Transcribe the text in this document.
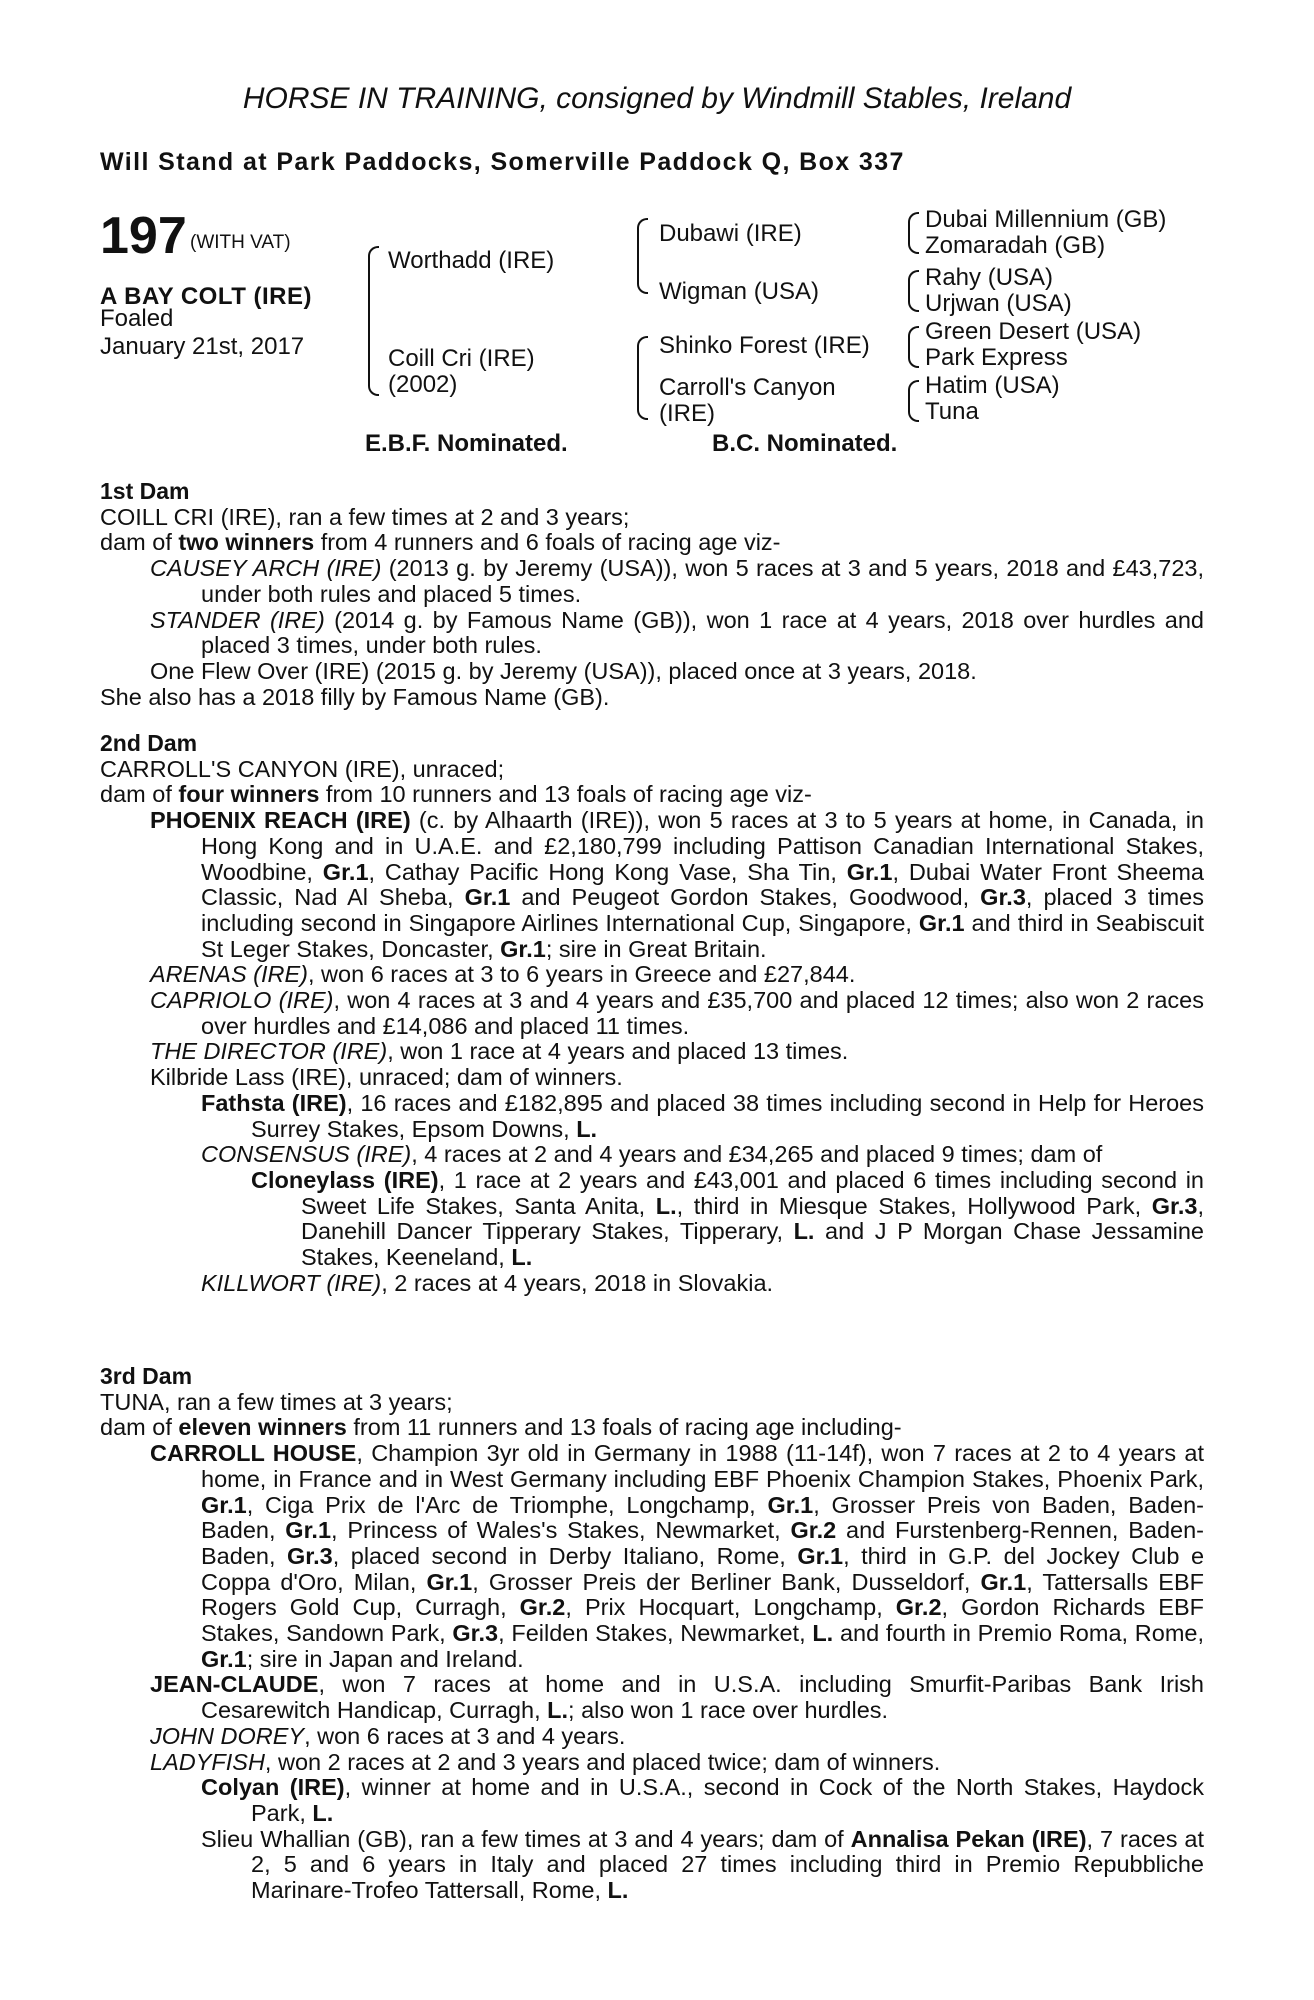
HORSE IN TRAINING, consigned by Windmill Stables, Ireland
Will Stand at Park Paddocks, Somerville Paddock Q, Box 337
197 (WITH VAT)
A BAY COLT (IRE)
Foaled
January 21st, 2017
Worthadd (IRE)
Coill Cri (IRE)
(2002)
Dubawi (IRE)
Wigman (USA)
Shinko Forest (IRE)
Carroll's Canyon
(IRE)
Dubai Millennium (GB)
Zomaradah (GB)
Rahy (USA)
Urjwan (USA)
Green Desert (USA)
Park Express
Hatim (USA)
Tuna
E.B.F. Nominated.	B.C. Nominated.
1st Dam
COILL CRI (IRE), ran a few times at 2 and 3 years;
dam of two winners from 4 runners and 6 foals of racing age viz-
CAUSEY ARCH (IRE) (2013 g. by Jeremy (USA)), won 5 races at 3 and 5 years, 2018 and £43,723, under both rules and placed 5 times.
STANDER (IRE) (2014 g. by Famous Name (GB)), won 1 race at 4 years, 2018 over hurdles and placed 3 times, under both rules.
One Flew Over (IRE) (2015 g. by Jeremy (USA)), placed once at 3 years, 2018.
She also has a 2018 filly by Famous Name (GB).
2nd Dam
CARROLL'S CANYON (IRE), unraced;
dam of four winners from 10 runners and 13 foals of racing age viz-
PHOENIX REACH (IRE) (c. by Alhaarth (IRE)), won 5 races at 3 to 5 years at home, in Canada, in Hong Kong and in U.A.E. and £2,180,799 including Pattison Canadian International Stakes, Woodbine, Gr.1, Cathay Pacific Hong Kong Vase, Sha Tin, Gr.1, Dubai Water Front Sheema Classic, Nad Al Sheba, Gr.1 and Peugeot Gordon Stakes, Goodwood, Gr.3, placed 3 times including second in Singapore Airlines International Cup, Singapore, Gr.1 and third in Seabiscuit St Leger Stakes, Doncaster, Gr.1; sire in Great Britain.
ARENAS (IRE), won 6 races at 3 to 6 years in Greece and £27,844.
CAPRIOLO (IRE), won 4 races at 3 and 4 years and £35,700 and placed 12 times; also won 2 races over hurdles and £14,086 and placed 11 times.
THE DIRECTOR (IRE), won 1 race at 4 years and placed 13 times.
Kilbride Lass (IRE), unraced; dam of winners.
Fathsta (IRE), 16 races and £182,895 and placed 38 times including second in Help for Heroes Surrey Stakes, Epsom Downs, L.
CONSENSUS (IRE), 4 races at 2 and 4 years and £34,265 and placed 9 times; dam of
Cloneylass (IRE), 1 race at 2 years and £43,001 and placed 6 times including second in Sweet Life Stakes, Santa Anita, L., third in Miesque Stakes, Hollywood Park, Gr.3, Danehill Dancer Tipperary Stakes, Tipperary, L. and J P Morgan Chase Jessamine Stakes, Keeneland, L.
KILLWORT (IRE), 2 races at 4 years, 2018 in Slovakia.
3rd Dam
TUNA, ran a few times at 3 years;
dam of eleven winners from 11 runners and 13 foals of racing age including-
CARROLL HOUSE, Champion 3yr old in Germany in 1988 (11-14f), won 7 races at 2 to 4 years at home, in France and in West Germany including EBF Phoenix Champion Stakes, Phoenix Park, Gr.1, Ciga Prix de l'Arc de Triomphe, Longchamp, Gr.1, Grosser Preis von Baden, Baden-Baden, Gr.1, Princess of Wales's Stakes, Newmarket, Gr.2 and Furstenberg-Rennen, Baden-Baden, Gr.3, placed second in Derby Italiano, Rome, Gr.1, third in G.P. del Jockey Club e Coppa d'Oro, Milan, Gr.1, Grosser Preis der Berliner Bank, Dusseldorf, Gr.1, Tattersalls EBF Rogers Gold Cup, Curragh, Gr.2, Prix Hocquart, Longchamp, Gr.2, Gordon Richards EBF Stakes, Sandown Park, Gr.3, Feilden Stakes, Newmarket, L. and fourth in Premio Roma, Rome, Gr.1; sire in Japan and Ireland.
JEAN-CLAUDE, won 7 races at home and in U.S.A. including Smurfit-Paribas Bank Irish Cesarewitch Handicap, Curragh, L.; also won 1 race over hurdles.
JOHN DOREY, won 6 races at 3 and 4 years.
LADYFISH, won 2 races at 2 and 3 years and placed twice; dam of winners.
Colyan (IRE), winner at home and in U.S.A., second in Cock of the North Stakes, Haydock Park, L.
Slieu Whallian (GB), ran a few times at 3 and 4 years; dam of Annalisa Pekan (IRE), 7 races at 2, 5 and 6 years in Italy and placed 27 times including third in Premio Repubbliche Marinare-Trofeo Tattersall, Rome, L.
